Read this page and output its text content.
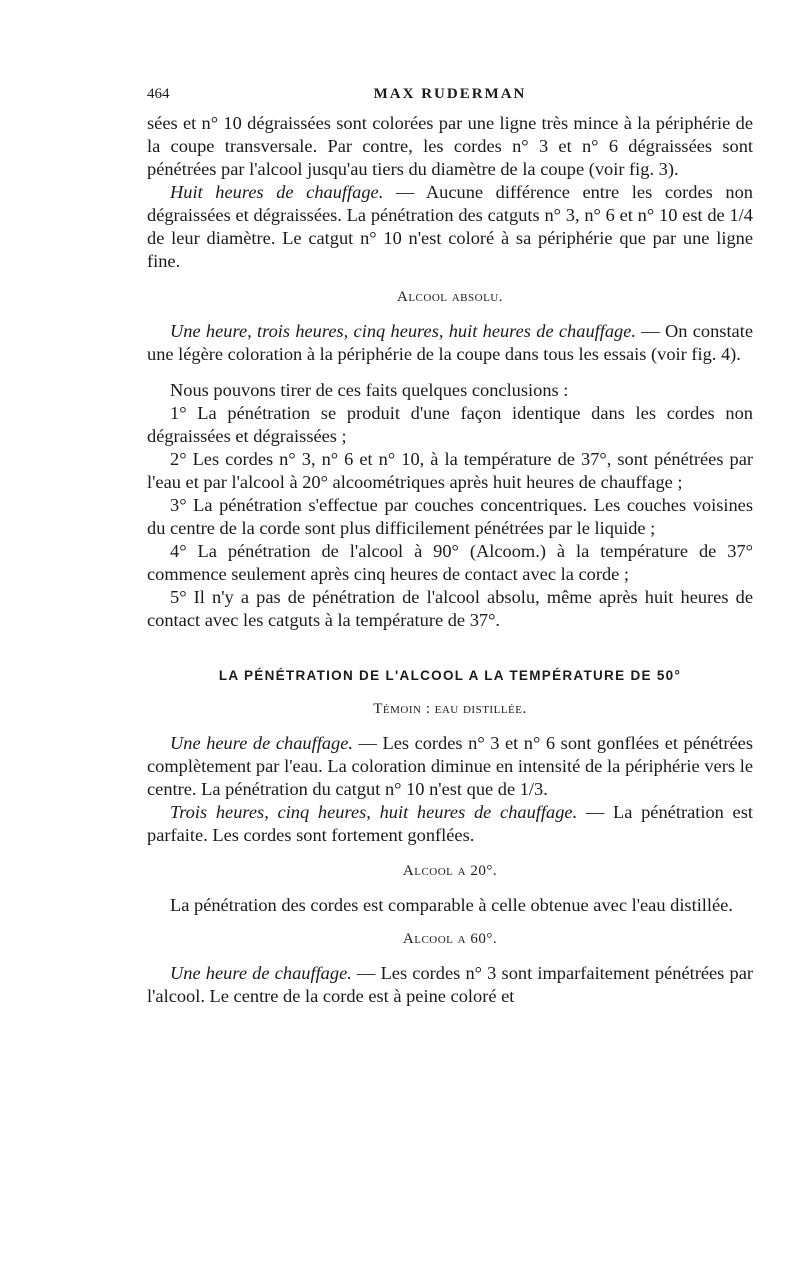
464	MAX RUDERMAN

sées et n° 10 dégraissées sont colorées par une ligne très mince à la périphérie de la coupe transversale. Par contre, les cordes n° 3 et n° 6 dégraissées sont pénétrées par l'alcool jusqu'au tiers du diamètre de la coupe (voir fig. 3).

Huit heures de chauffage. — Aucune différence entre les cordes non dégraissées et dégraissées. La pénétration des catguts n° 3, n° 6 et n° 10 est de 1/4 de leur diamètre. Le catgut n° 10 n'est coloré à sa périphérie que par une ligne fine.

Alcool absolu.

Une heure, trois heures, cinq heures, huit heures de chauffage. — On constate une légère coloration à la périphérie de la coupe dans tous les essais (voir fig. 4).

Nous pouvons tirer de ces faits quelques conclusions :

1° La pénétration se produit d'une façon identique dans les cordes non dégraissées et dégraissées ;

2° Les cordes n° 3, n° 6 et n° 10, à la température de 37°, sont pénétrées par l'eau et par l'alcool à 20° alcoométriques après huit heures de chauffage ;

3° La pénétration s'effectue par couches concentriques. Les couches voisines du centre de la corde sont plus difficilement pénétrées par le liquide ;

4° La pénétration de l'alcool à 90° (Alcoom.) à la température de 37° commence seulement après cinq heures de contact avec la corde ;

5° Il n'y a pas de pénétration de l'alcool absolu, même après huit heures de contact avec les catguts à la température de 37°.

LA PÉNÉTRATION DE L'ALCOOL A LA TEMPÉRATURE DE 50°
Témoin : eau distillée.

Une heure de chauffage. — Les cordes n° 3 et n° 6 sont gonflées et pénétrées complètement par l'eau. La coloration diminue en intensité de la périphérie vers le centre. La pénétration du catgut n° 10 n'est que de 1/3.

Trois heures, cinq heures, huit heures de chauffage. — La pénétration est parfaite. Les cordes sont fortement gonflées.

Alcool a 20°.

La pénétration des cordes est comparable à celle obtenue avec l'eau distillée.

Alcool a 60°.

Une heure de chauffage. — Les cordes n° 3 sont imparfaitement pénétrées par l'alcool. Le centre de la corde est à peine coloré et
